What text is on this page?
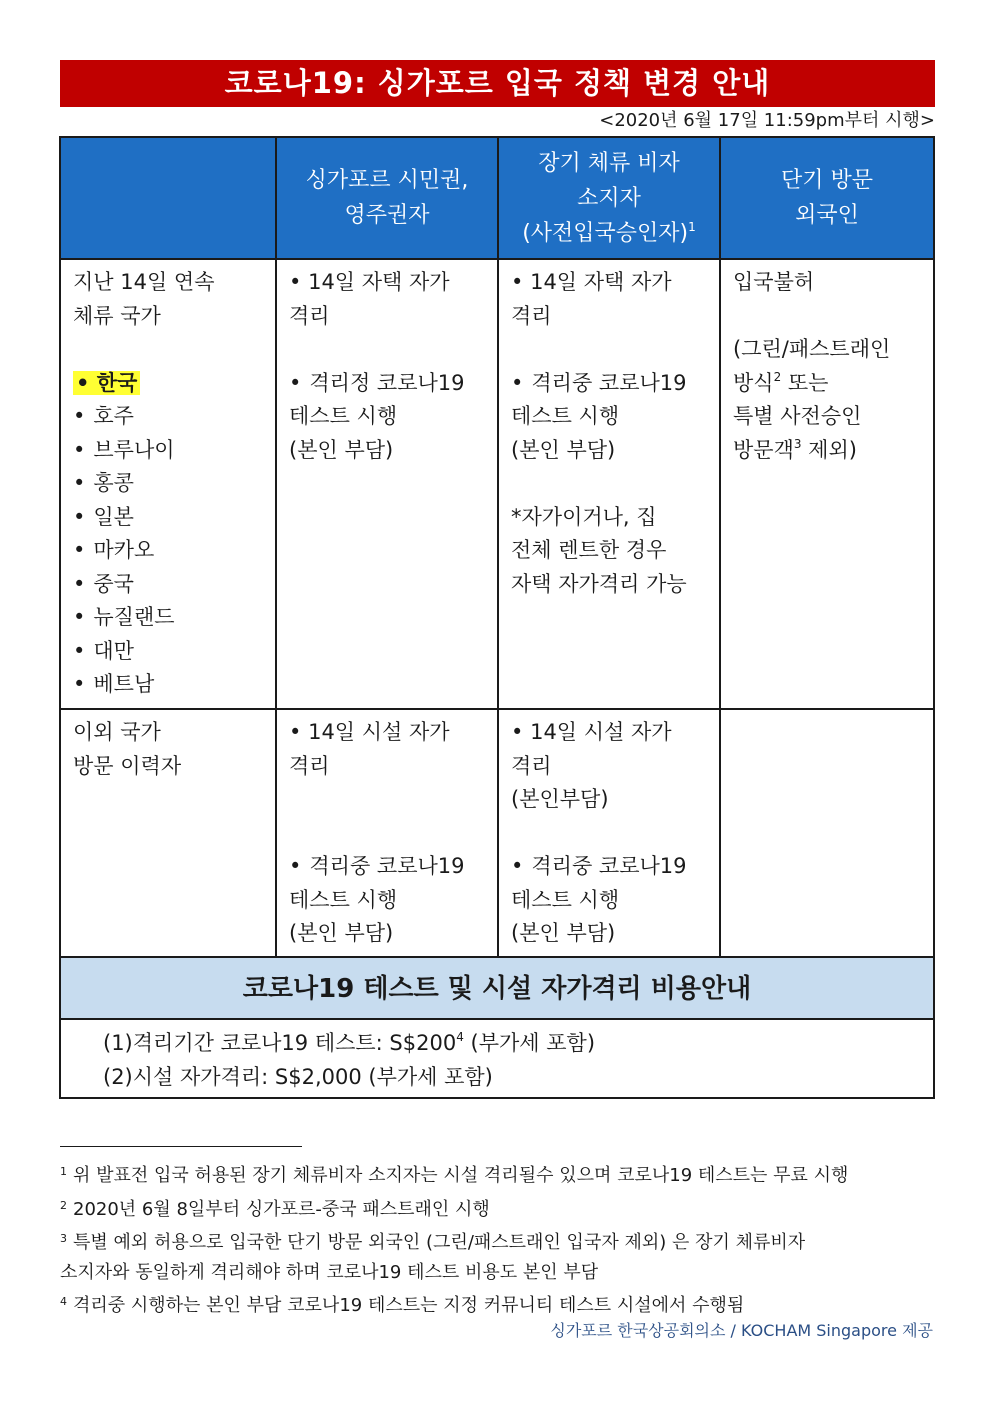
코로나19: 싱가포르 입국 정책 변경 안내
<2020년 6월 17일 11:59pm부터 시행>
싱가포르 시민권,
영주권자
장기 체류 비자
소지자
(사전입국승인자)$^1$
단기 방문
외국인
지난 14일 연속
체류 국가
• 한국
• 호주
• 브루나이
• 홍콩
• 일본
• 마카오
• 중국
• 뉴질랜드
• 대만
• 베트남
• 14일 자택 자가
격리
• 격리정 코로나19
테스트 시행
(본인 부담)
• 14일 자택 자가
격리
• 격리중 코로나19
테스트 시행
(본인 부담)
*자가이거나, 집
전체 렌트한 경우
자택 자가격리 가능
입국불허
(그린/패스트래인
방식$^2$ 또는
특별 사전승인
방문객$^3$ 제외)
이외 국가
방문 이력자
• 14일 시설 자가
격리
• 격리중 코로나19
테스트 시행
(본인 부담)
• 14일 시설 자가
격리
(본인부담)
• 격리중 코로나19
테스트 시행
(본인 부담)
코로나19 테스트 및 시설 자가격리 비용안내
(1)격리기간 코로나19 테스트: $S\$200^4$ (부가세 포함)
(2)시설 자가격리: S$2,000 (부가세 포함)
$^1$ 위 발표전 입국 허용된 장기 체류비자 소지자는 시설 격리될수 있으며 코로나19 테스트는 무료 시행
$^2$ 2020년 6월 8일부터 싱가포르-중국 패스트래인 시행
$^3$ 특별 예외 허용으로 입국한 단기 방문 외국인 (그린/패스트래인 입국자 제외) 은 장기 체류비자
소지자와 동일하게 격리해야 하며 코로나19 테스트 비용도 본인 부담
$^4$ 격리중 시행하는 본인 부담 코로나19 테스트는 지정 커뮤니티 테스트 시설에서 수행됨
싱가포르 한국상공회의소 / KOCHAM Singapore 제공
